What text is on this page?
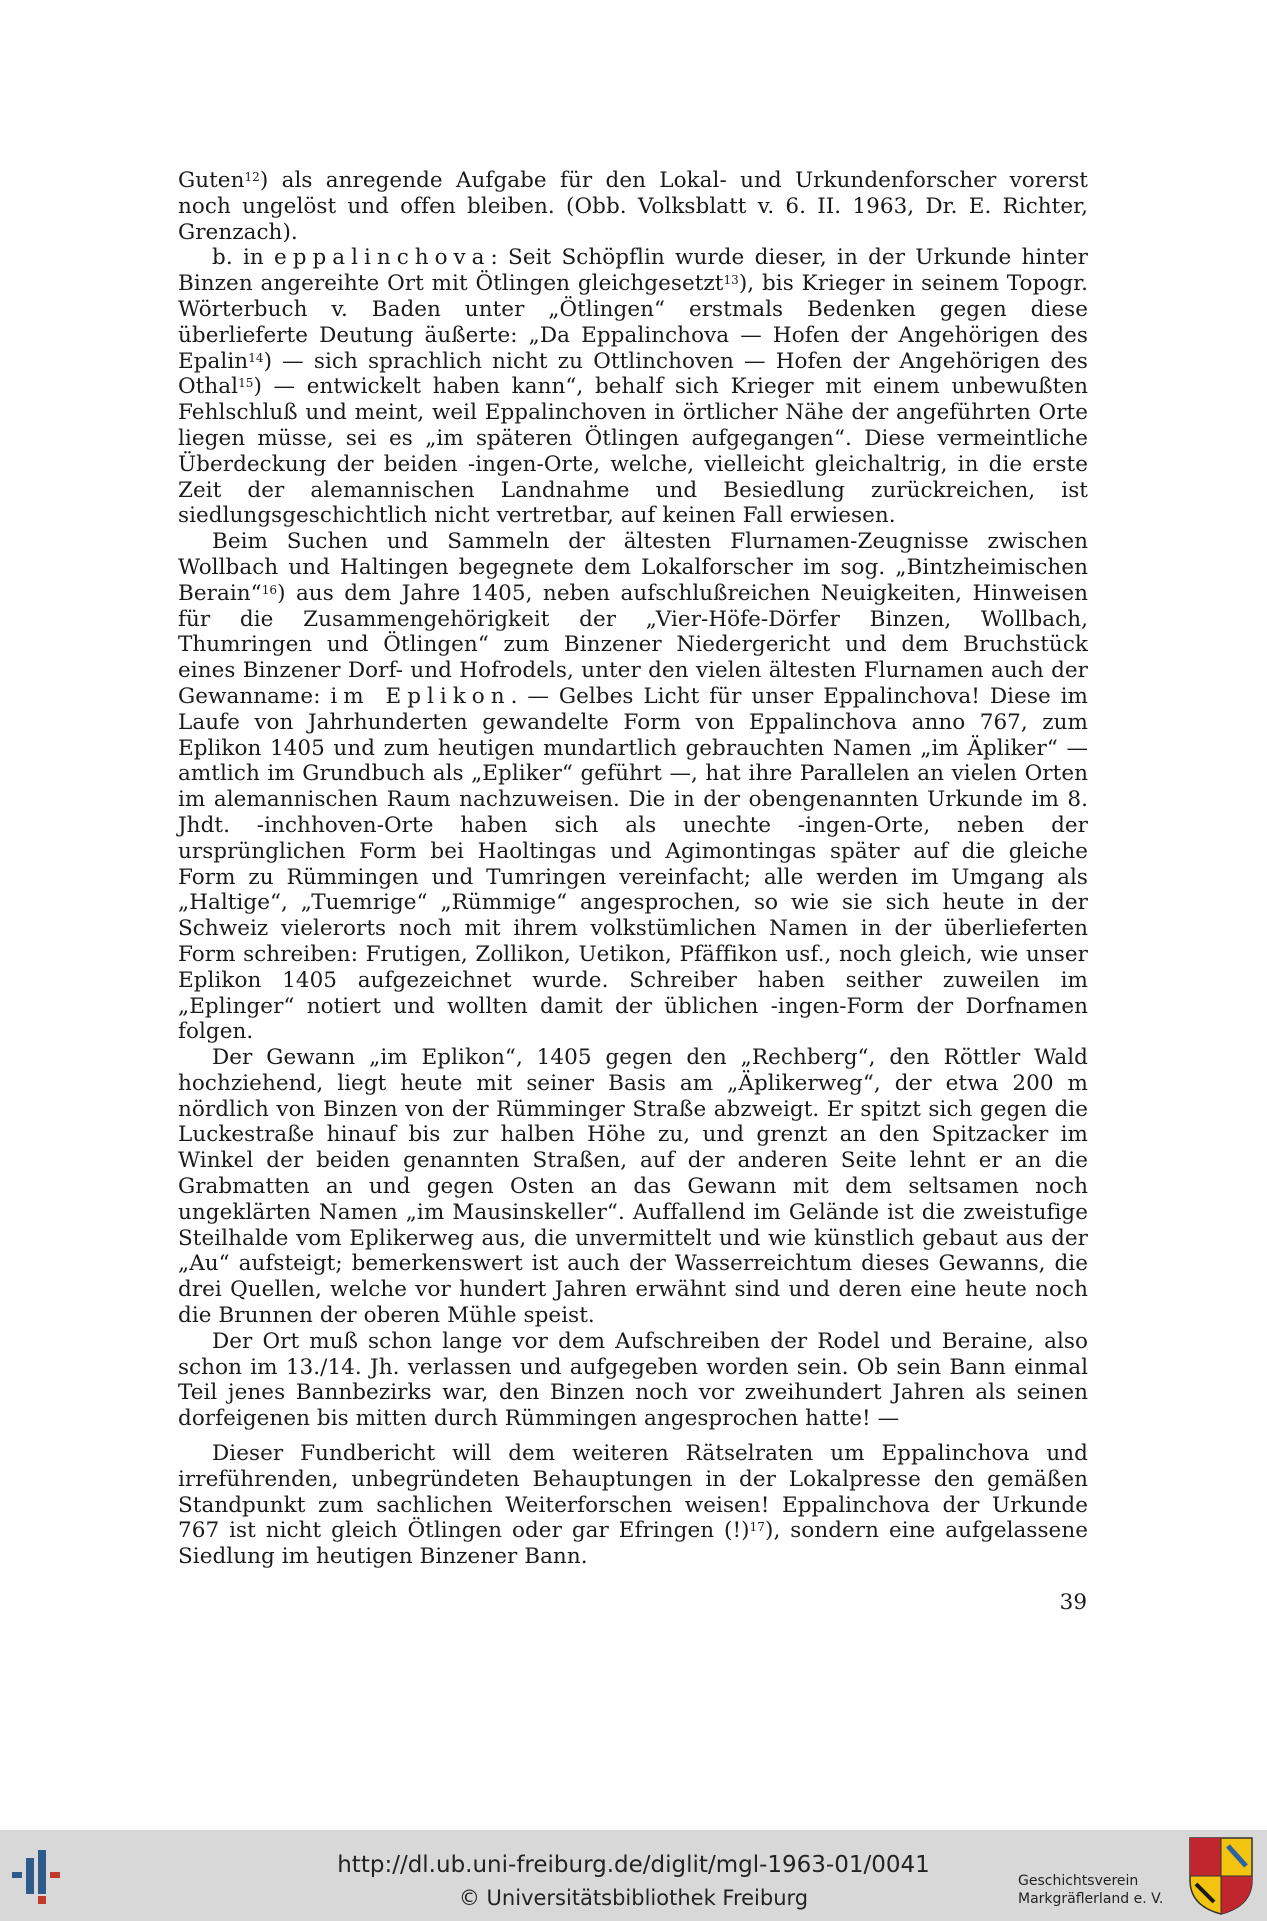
Guten$^{12}$) als anregende Aufgabe für den Lokal- und Urkundenforscher vorerst noch ungelöst und offen bleiben. (Obb. Volksblatt v. 6. II. 1963, Dr. E. Richter, Grenzach).

b. in eppalinchova: Seit Schöpflin wurde dieser, in der Urkunde hinter Binzen angereihte Ort mit Ötlingen gleichgesetzt$^{13}$), bis Krieger in seinem Topogr. Wörterbuch v. Baden unter „Ötlingen“ erstmals Bedenken gegen diese überlieferte Deutung äußerte: „Da Eppalinchova — Hofen der Angehörigen des Epalin$^{14}$) — sich sprachlich nicht zu Ottlinchoven — Hofen der Angehörigen des Othal$^{15}$) — entwickelt haben kann“, behalf sich Krieger mit einem unbewußten Fehlschluß und meint, weil Eppalinchoven in örtlicher Nähe der angeführten Orte liegen müsse, sei es „im späteren Ötlingen aufgegangen“. Diese vermeintliche Überdeckung der beiden -ingen-Orte, welche, vielleicht gleichaltrig, in die erste Zeit der alemannischen Landnahme und Besiedlung zurückreichen, ist siedlungsgeschichtlich nicht vertretbar, auf keinen Fall erwiesen.

Beim Suchen und Sammeln der ältesten Flurnamen-Zeugnisse zwischen Wollbach und Haltingen begegnete dem Lokalforscher im sog. „Bintzheimischen Berain“$^{16}$) aus dem Jahre 1405, neben aufschlußreichen Neuigkeiten, Hinweisen für die Zusammengehörigkeit der „Vier-Höfe-Dörfer Binzen, Wollbach, Thumringen und Ötlingen“ zum Binzener Niedergericht und dem Bruchstück eines Binzener Dorf- und Hofrodels, unter den vielen ältesten Flurnamen auch der Gewanname: im Eplikon. — Gelbes Licht für unser Eppalinchova! Diese im Laufe von Jahrhunderten gewandelte Form von Eppalinchova anno 767, zum Eplikon 1405 und zum heutigen mundartlich gebrauchten Namen „im Äpliker“ — amtlich im Grundbuch als „Epliker“ geführt —, hat ihre Parallelen an vielen Orten im alemannischen Raum nachzuweisen. Die in der obengenannten Urkunde im 8. Jhdt. -inchhoven-Orte haben sich als unechte -ingen-Orte, neben der ursprünglichen Form bei Haoltingas und Agimontingas später auf die gleiche Form zu Rümmingen und Tumringen vereinfacht; alle werden im Umgang als „Haltige“, „Tuemrige“ „Rümmige“ angesprochen, so wie sie sich heute in der Schweiz vielerorts noch mit ihrem volkstümlichen Namen in der überlieferten Form schreiben: Frutigen, Zollikon, Uetikon, Pfäffikon usf., noch gleich, wie unser Eplikon 1405 aufgezeichnet wurde. Schreiber haben seither zuweilen im „Eplinger“ notiert und wollten damit der üblichen -ingen-Form der Dorfnamen folgen.

Der Gewann „im Eplikon“, 1405 gegen den „Rechberg“, den Röttler Wald hochziehend, liegt heute mit seiner Basis am „Äplikerweg“, der etwa 200 m nördlich von Binzen von der Rümminger Straße abzweigt. Er spitzt sich gegen die Luckestraße hinauf bis zur halben Höhe zu, und grenzt an den Spitzacker im Winkel der beiden genannten Straßen, auf der anderen Seite lehnt er an die Grabmatten an und gegen Osten an das Gewann mit dem seltsamen noch ungeklärten Namen „im Mausinskeller“. Auffallend im Gelände ist die zweistufige Steilhalde vom Eplikerweg aus, die unvermittelt und wie künstlich gebaut aus der „Au“ aufsteigt; bemerkenswert ist auch der Wasserreichtum dieses Gewanns, die drei Quellen, welche vor hundert Jahren erwähnt sind und deren eine heute noch die Brunnen der oberen Mühle speist.

Der Ort muß schon lange vor dem Aufschreiben der Rodel und Beraine, also schon im 13./14. Jh. verlassen und aufgegeben worden sein. Ob sein Bann einmal Teil jenes Bannbezirks war, den Binzen noch vor zweihundert Jahren als seinen dorfeigenen bis mitten durch Rümmingen angesprochen hatte! —

Dieser Fundbericht will dem weiteren Rätselraten um Eppalinchova und irreführenden, unbegründeten Behauptungen in der Lokalpresse den gemäßen Standpunkt zum sachlichen Weiterforschen weisen! Eppalinchova der Urkunde 767 ist nicht gleich Ötlingen oder gar Efringen (!)$^{17}$), sondern eine aufgelassene Siedlung im heutigen Binzener Bann.

39
http://dl.ub.uni-freiburg.de/diglit/mgl-1963-01/0041
© Universitätsbibliothek Freiburg
Geschichtsverein
Markgräflerland e. V.
